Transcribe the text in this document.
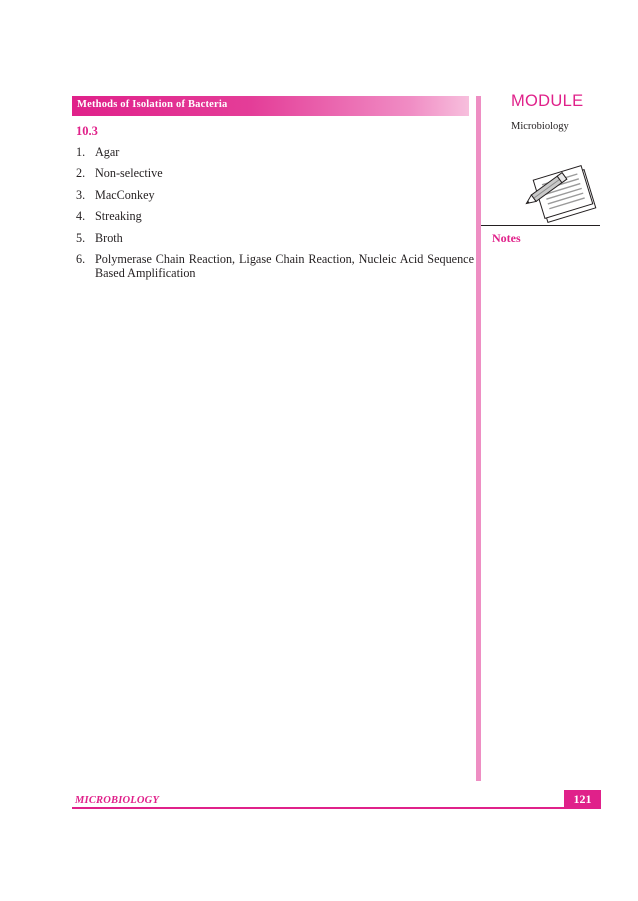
Methods of Isolation of Bacteria
10.3
1. Agar
2. Non-selective
3. MacConkey
4. Streaking
5. Broth
6. Polymerase Chain Reaction, Ligase Chain Reaction, Nucleic Acid Sequence Based Amplification
MODULE
Microbiology
Notes
MICROBIOLOGY	121
